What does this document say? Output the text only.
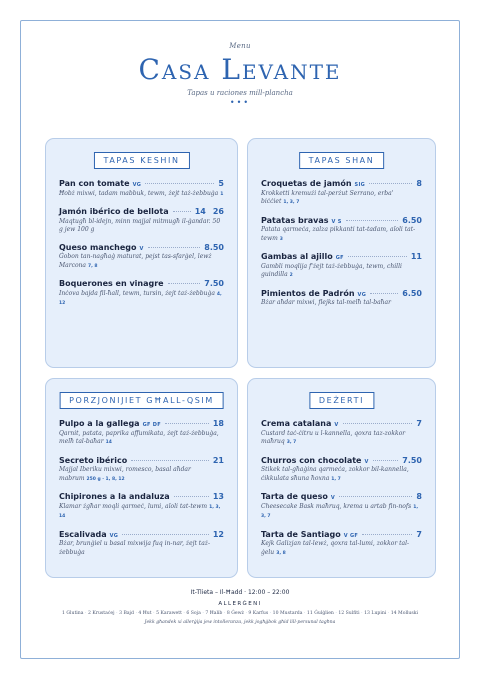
Menu
Casa Levante
Tapas u raciones mill-plancha
•••
TAPAS KESHIN
Pan con tomate VG	5
Ħobż mixwi, tadam mabbuk, tewm, żejt taż-żebbuġa 1
Jamón ibérico de bellota	14 26
Maqtugħ bl-idejn, minn majjal mitmugħ il-ġandar. 50 g jew 100 g
Queso manchego V	8.50
Ġobon tan-nagħaġ maturat, pejst tas-sfarġel, lewż Marcona 7, 8
Boquerones en vinagre	7.50
Inċova bajda fil-ħall, tewm, tursin, żejt taż-żebbuġa 4, 12
TAPAS SHAN
Croquetas de jamón SIG	8
Krokketti kremużi tal-perżut Serrano, erba' biċċiet 1, 3, 7
Patatas bravas V S	6.50
Patata qarmeċa, zalza pikkanti tat-tadam, aïoli tat-tewm 3
Gambas al ajillo GF	11
Gambli moqlija f'żejt taż-żebbuġa, tewm, chilli guindilla 2
Pimientos de Padrón VG	6.50
Bżar aħdar mixwi, flejks tal-melħ tal-baħar
PORZJONIJIET GĦALL-QSIM
Pulpo a la gallega GF DF	18
Qarnit, patata, paprika affumikata, żejt taż-żebbuġa, melħ tal-baħar 14
Secreto ibérico	21
Majjal Iberiku mixwi, romesco, basal aħdar mabrum 250 g · 1, 8, 12
Chipirones a la andaluza	13
Klamar żgħar moqli qarmeċ, lumi, aïoli tat-tewm 1, 3, 14
Escalivada VG	12
Bżar, brunġiel u basal mixwija fuq in-nar, żejt taż-żebbuġa
DEŻERTI
Crema catalana V	7
Custard taċ-ċitru u l-kannella, qoxra taz-zokkor maħruq 3, 7
Churros con chocolate V	7.50
Stikek tal-għaġina qarmeċa, zokkor bil-kannella, ċikkulata sħuna ħoxna 1, 7
Tarta de queso V	8
Cheesecake Bask maħruq, krema u artab fin-nofs 1, 3, 7
Tarta de Santiago V GF	7
Kejk Galizjan tal-lewż, qoxra tal-lumi, zokkor tal-ġelu 3, 8
It-Tlieta – Il-Ħadd · 12:00 – 22:00
ALLERĠENI
1 Glutina · 2 Krustaċej · 3 Bajd · 4 Ħut · 5 Karawett · 6 Soja · 7 Ħalib · 8 Ġewż · 9 Karfus · 10 Mustarda · 11 Ġulġlien · 12 Sulfiti · 13 Lupini · 14 Molluski
Jekk għandek xi allerġija jew intolleranza, jekk jogħġbok għid lill-persunal tagħna
